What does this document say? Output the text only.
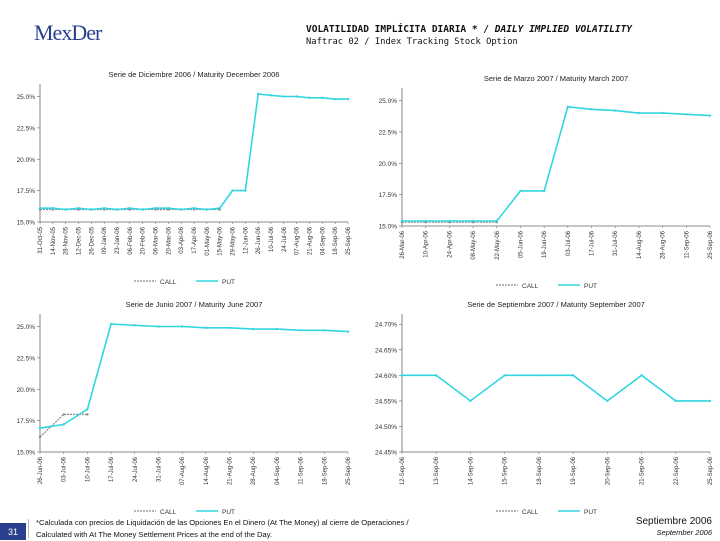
MexDer	VOLATILIDAD IMPLÍCITA DIARIA * / DAILY IMPLIED VOLATILITY
Naftrac 02 / Index Tracking Stock Option
Serie de Diciembre 2006 / Maturity December 2006
15.0%
17.5%
20.0%
22.5%
25.0%
31-Oct-05 14-Nov-05 28-Nov-05 12-Dec-05 26-Dec-05 09-Jan-06 23-Jan-06 06-Feb-06 20-Feb-06 06-Mar-06 20-Mar-06 03-Apr-06 17-Apr-06 01-May-06 15-May-06 29-May-06 12-Jun-06 26-Jun-06 10-Jul-06 24-Jul-06 07-Aug-06 21-Aug-06 04-Sep-06 18-Sep-06 25-Sep-06
CALL	PUT
Serie de Marzo 2007 / Maturity March 2007
15.0%
17.5%
20.0%
22.5%
25.0%
26-Mar-06	10-Apr-06	24-Apr-06	08-May-06	22-May-06	05-Jun-06	19-Jun-06	03-Jul-06	17-Jul-06	31-Jul-06	14-Aug-06	28-Aug-06	11-Sep-06	25-Sep-06
CALL	PUT
Serie de Junio 2007 / Maturity June 2007
15.0%
17.5%
20.0%
22.5%
25.0%
26-Jun-06	03-Jul-06	10-Jul-06	17-Jul-06	24-Jul-06	31-Jul-06	07-Aug-06	14-Aug-06	21-Aug-06	28-Aug-06	04-Sep-06	11-Sep-06	18-Sep-06	25-Sep-06
CALL	PUT
Serie de Septiembre 2007 / Maturity September 2007
24.45%
24.50%
24.55%
24.60%
24.65%
24.70%
12-Sep-06	13-Sep-06	14-Sep-06	15-Sep-06	18-Sep-06	19-Sep-06	20-Sep-06	21-Sep-06	22-Sep-06	25-Sep-06
CALL	PUT
31
*Calculada con precios de Liquidación de las Opciones En el Dinero (At The Money) al cierre de Operaciones /
Calculated with At The Money Settlement Prices at the end of the Day.
Septiembre 2006
September 2006
